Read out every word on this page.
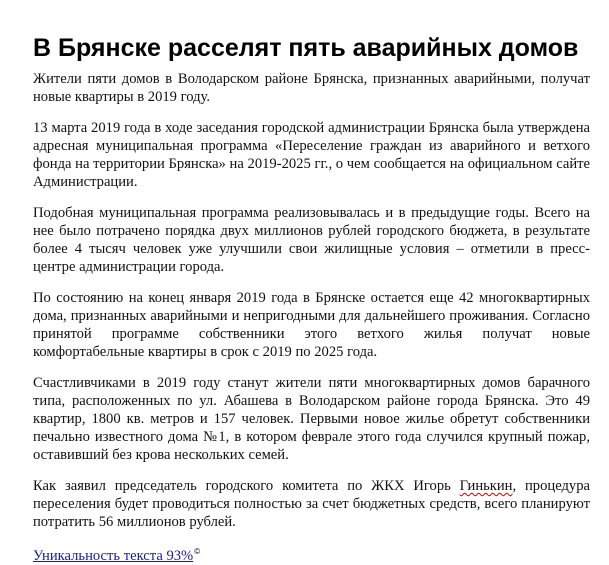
В Брянске расселят пять аварийных домов

Жители пяти домов в Володарском районе Брянска, признанных аварийными, получат новые квартиры в 2019 году.

13 марта 2019 года в ходе заседания городской администрации Брянска была утверждена адресная муниципальная программа «Переселение граждан из аварийного и ветхого фонда на территории Брянска» на 2019-2025 гг., о чем сообщается на официальном сайте Администрации.

Подобная муниципальная программа реализовывалась и в предыдущие годы. Всего на нее было потрачено порядка двух миллионов рублей городского бюджета, в результате более 4 тысяч человек уже улучшили свои жилищные условия – отметили в пресс-центре администрации города.

По состоянию на конец января 2019 года в Брянске остается еще 42 многоквартирных дома, признанных аварийными и непригодными для дальнейшего проживания. Согласно принятой программе собственники этого ветхого жилья получат новые комфортабельные квартиры в срок с 2019 по 2025 года.

Счастливчиками в 2019 году станут жители пяти многоквартирных домов барачного типа, расположенных по ул. Абашева в Володарском районе города Брянска. Это 49 квартир, 1800 кв. метров и 157 человек. Первыми новое жилье обретут собственники печально известного дома №1, в котором феврале этого года случился крупный пожар, оставивший без крова нескольких семей.

Как заявил председатель городского комитета по ЖКХ Игорь Гинькин, процедура переселения будет проводиться полностью за счет бюджетных средств, всего планируют потратить 56 миллионов рублей.

Уникальность текста 93%©
